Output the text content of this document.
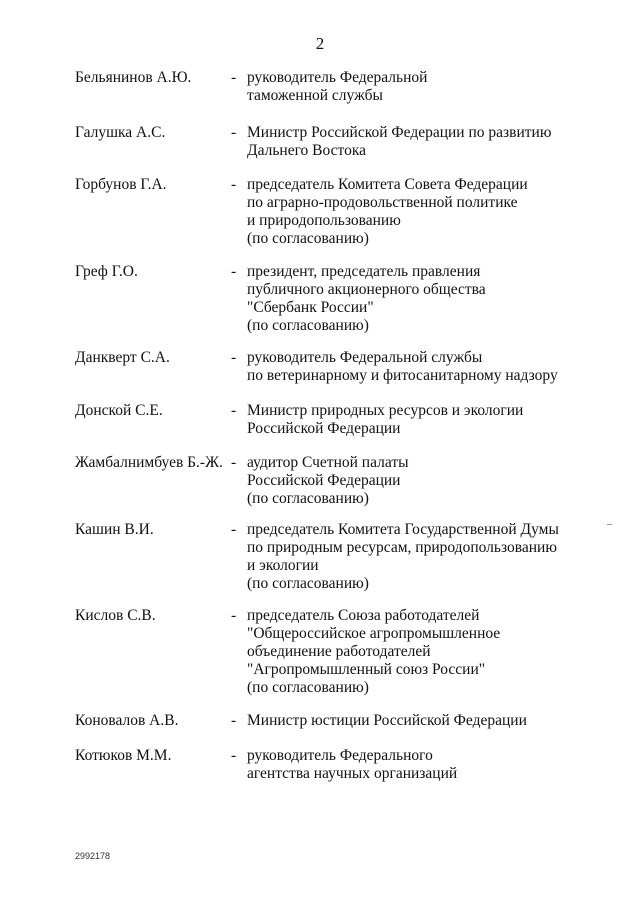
2
Бельянинов А.Ю.	- руководитель Федеральной
таможенной службы
Галушка А.С.	- Министр Российской Федерации по развитию
Дальнего Востока
Горбунов Г.А.	- председатель Комитета Совета Федерации
по аграрно-продовольственной политике
и природопользованию
(по согласованию)
Греф Г.О.	- президент, председатель правления
публичного акционерного общества
"Сбербанк России"
(по согласованию)
Данкверт С.А.	- руководитель Федеральной службы
по ветеринарному и фитосанитарному надзору
Донской С.Е.	- Министр природных ресурсов и экологии
Российской Федерации
Жамбалнимбуев Б.-Ж. - аудитор Счетной палаты
Российской Федерации
(по согласованию)
Кашин В.И.	- председатель Комитета Государственной Думы
по природным ресурсам, природопользованию
и экологии
(по согласованию)
Кислов С.В.	- председатель Союза работодателей
"Общероссийское агропромышленное
объединение работодателей
"Агропромышленный союз России"
(по согласованию)
Коновалов А.В.	- Министр юстиции Российской Федерации
Котюков М.М.	- руководитель Федерального
агентства научных организаций
2992178
